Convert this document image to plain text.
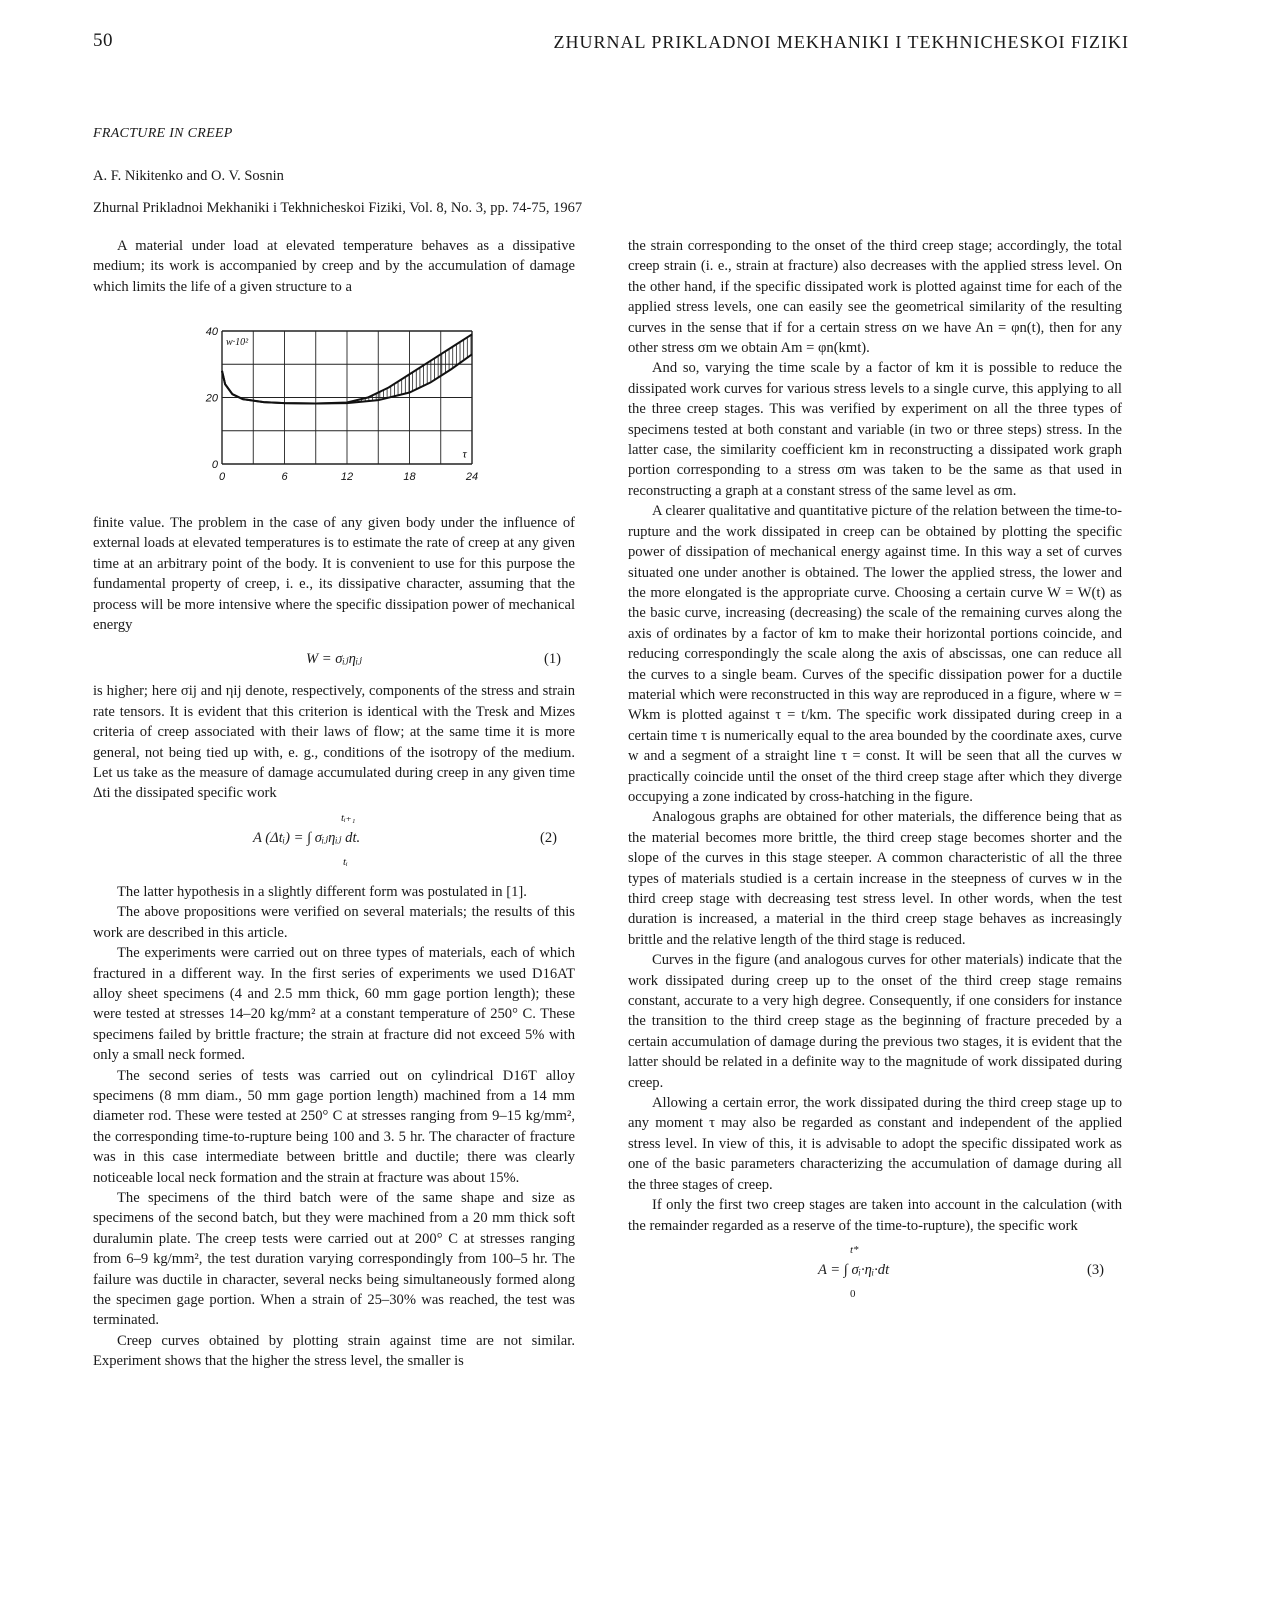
50	ZHURNAL PRIKLADNOI MEKHANIKI I TEKHNICHESKOI FIZIKI
FRACTURE IN CREEP
A. F. Nikitenko and O. V. Sosnin
Zhurnal Prikladnoi Mekhaniki i Tekhnicheskoi Fiziki, Vol. 8, No. 3, pp. 74-75, 1967

A material under load at elevated temperature behaves as a dissipative medium; its work is accompanied by creep and by the accumulation of damage which limits the life of a given structure to a

0	6	12	18	24
0
20
40
w·10²
τ

finite value. The problem in the case of any given body under the influence of external loads at elevated temperatures is to estimate the rate of creep at any given time at an arbitrary point of the body. It is convenient to use for this purpose the fundamental property of creep, i. e., its dissipative character, assuming that the process will be more intensive where the specific dissipation power of mechanical energy

W = σᵢⱼηᵢⱼ	(1)

is higher; here σij and ηij denote, respectively, components of the stress and strain rate tensors. It is evident that this criterion is identical with the Tresk and Mizes criteria of creep associated with their laws of flow; at the same time it is more general, not being tied up with, e. g., conditions of the isotropy of the medium. Let us take as the measure of damage accumulated during creep in any given time Δti the dissipated specific work

tᵢ₊₁
A (Δtᵢ) = ∫ σᵢⱼηᵢⱼ dt.
tᵢ
(2)

The latter hypothesis in a slightly different form was postulated in [1].

The above propositions were verified on several materials; the results of this work are described in this article.

The experiments were carried out on three types of materials, each of which fractured in a different way. In the first series of experiments we used D16AT alloy sheet specimens (4 and 2.5 mm thick, 60 mm gage portion length); these were tested at stresses 14–20 kg/mm² at a constant temperature of 250° C. These specimens failed by brittle fracture; the strain at fracture did not exceed 5% with only a small neck formed.

The second series of tests was carried out on cylindrical D16T alloy specimens (8 mm diam., 50 mm gage portion length) machined from a 14 mm diameter rod. These were tested at 250° C at stresses ranging from 9–15 kg/mm², the corresponding time-to-rupture being 100 and 3. 5 hr. The character of fracture was in this case intermediate between brittle and ductile; there was clearly noticeable local neck formation and the strain at fracture was about 15%.

The specimens of the third batch were of the same shape and size as specimens of the second batch, but they were machined from a 20 mm thick soft duralumin plate. The creep tests were carried out at 200° C at stresses ranging from 6–9 kg/mm², the test duration varying correspondingly from 100–5 hr. The failure was ductile in character, several necks being simultaneously formed along the specimen gage portion. When a strain of 25–30% was reached, the test was terminated.

Creep curves obtained by plotting strain against time are not similar. Experiment shows that the higher the stress level, the smaller is

the strain corresponding to the onset of the third creep stage; accordingly, the total creep strain (i. e., strain at fracture) also decreases with the applied stress level. On the other hand, if the specific dissipated work is plotted against time for each of the applied stress levels, one can easily see the geometrical similarity of the resulting curves in the sense that if for a certain stress σn we have An = φn(t), then for any other stress σm we obtain Am = φn(kmt).

And so, varying the time scale by a factor of km it is possible to reduce the dissipated work curves for various stress levels to a single curve, this applying to all the three creep stages. This was verified by experiment on all the three types of specimens tested at both constant and variable (in two or three steps) stress. In the latter case, the similarity coefficient km in reconstructing a dissipated work graph portion corresponding to a stress σm was taken to be the same as that used in reconstructing a graph at a constant stress of the same level as σm.

A clearer qualitative and quantitative picture of the relation between the time-to-rupture and the work dissipated in creep can be obtained by plotting the specific power of dissipation of mechanical energy against time. In this way a set of curves situated one under another is obtained. The lower the applied stress, the lower and the more elongated is the appropriate curve. Choosing a certain curve W = W(t) as the basic curve, increasing (decreasing) the scale of the remaining curves along the axis of ordinates by a factor of km to make their horizontal portions coincide, and reducing correspondingly the scale along the axis of abscissas, one can reduce all the curves to a single beam. Curves of the specific dissipation power for a ductile material which were reconstructed in this way are reproduced in a figure, where w = Wkm is plotted against τ = t/km. The specific work dissipated during creep in a certain time τ is numerically equal to the area bounded by the coordinate axes, curve w and a segment of a straight line τ = const. It will be seen that all the curves w practically coincide until the onset of the third creep stage after which they diverge occupying a zone indicated by cross-hatching in the figure.

Analogous graphs are obtained for other materials, the difference being that as the material becomes more brittle, the third creep stage becomes shorter and the slope of the curves in this stage steeper. A common characteristic of all the three types of materials studied is a certain increase in the steepness of curves w in the third creep stage with decreasing test stress level. In other words, when the test duration is increased, a material in the third creep stage behaves as increasingly brittle and the relative length of the third stage is reduced.

Curves in the figure (and analogous curves for other materials) indicate that the work dissipated during creep up to the onset of the third creep stage remains constant, accurate to a very high degree. Consequently, if one considers for instance the transition to the third creep stage as the beginning of fracture preceded by a certain accumulation of damage during the previous two stages, it is evident that the latter should be related in a definite way to the magnitude of work dissipated during creep.

Allowing a certain error, the work dissipated during the third creep stage up to any moment τ may also be regarded as constant and independent of the applied stress level. In view of this, it is advisable to adopt the specific dissipated work as one of the basic parameters characterizing the accumulation of damage during all the three stages of creep.

If only the first two creep stages are taken into account in the calculation (with the remainder regarded as a reserve of the time-to-rupture), the specific work

t*
A = ∫ σᵢ·ηᵢ·dt
0
(3)
